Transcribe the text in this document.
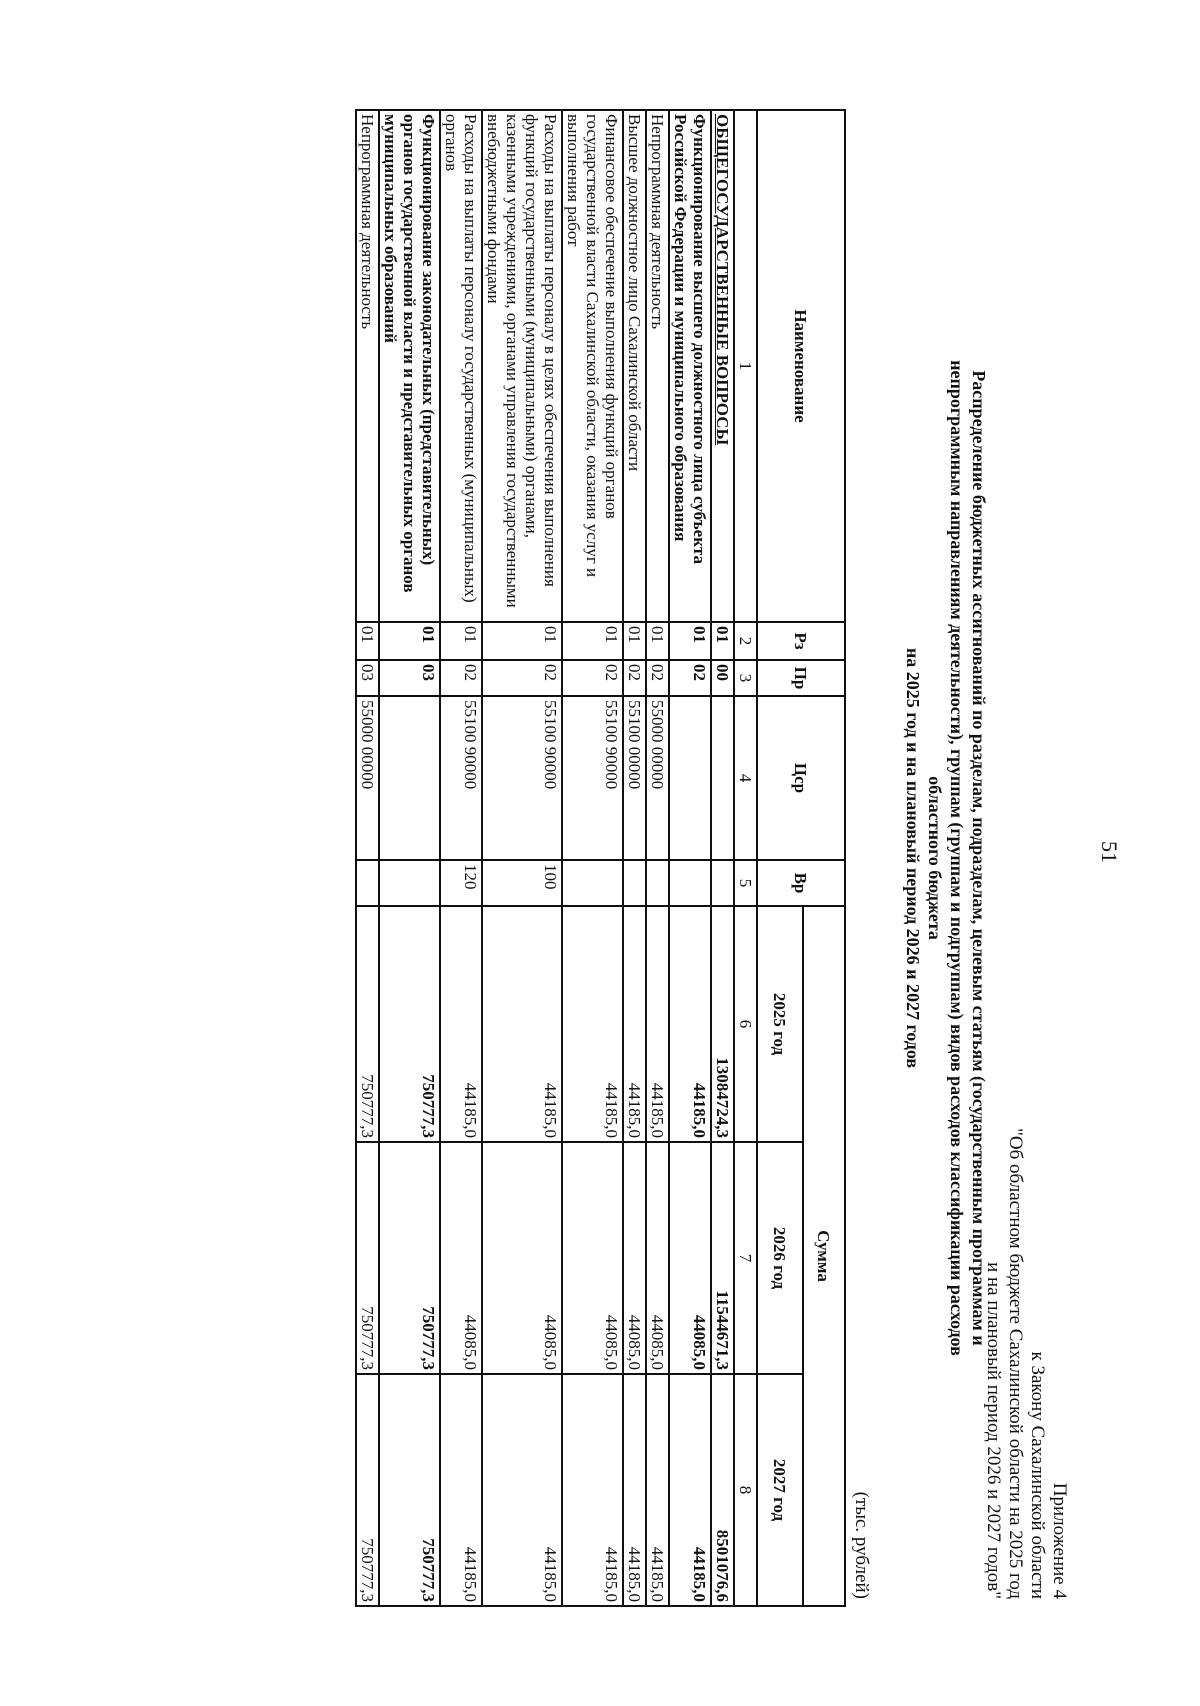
51
Приложение 4
к Закону Сахалинской области
"Об областном бюджете Сахалинской области на 2025 год
и на плановый период 2026 и 2027 годов"
Распределение бюджетных ассигнований по разделам, подразделам, целевым статьям (государственным программам и
непрограммным направлениям деятельности), группам (группам и подгруппам) видов расходов классификации расходов
областного бюджета
на 2025 год и на плановый период 2026 и 2027 годов
(тыс. рублей)
Наименование	Рз	Пр	Цср	Вр	Сумма		
					2025 год	2026 год	2027 год
1	2	3	4	5	6	7	8
ОБЩЕГОСУДАРСТВЕННЫЕ ВОПРОСЫ	01	00			13084724,3	11544671,3	8501076,6
Функционирование высшего должностного лица субъекта Российской Федерации и муниципального образования	01	02			44185,0	44085,0	44185,0
Непрограммная деятельность	01	02	55000 00000		44185,0	44085,0	44185,0
Высшее должностное лицо Сахалинской области	01	02	55100 00000		44185,0	44085,0	44185,0
Финансовое обеспечение выполнения функций органов государственной власти Сахалинской области, оказания услуг и выполнения работ	01	02	55100 90000		44185,0	44085,0	44185,0
Расходы на выплаты персоналу в целях обеспечения выполнения функций государственными (муниципальными) органами, казенными учреждениями, органами управления государственными внебюджетными фондами	01	02	55100 90000	100	44185,0	44085,0	44185,0
Расходы на выплаты персоналу государственных (муниципальных) органов	01	02	55100 90000	120	44185,0	44085,0	44185,0
Функционирование законодательных (представительных) органов государственной власти и представительных органов муниципальных образований	01	03			750777,3	750777,3	750777,3
Непрограммная деятельность	01	03	55000 00000		750777,3	750777,3	750777,3
